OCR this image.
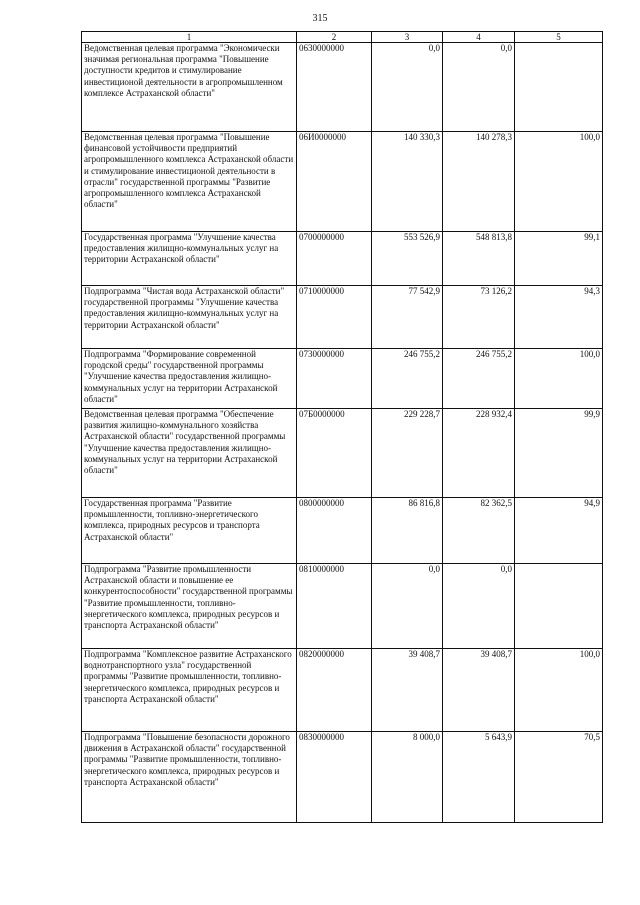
315
1	2	3	4	5
Ведомственная целевая программа "Экономически значимая региональная программа "Повышение доступности кредитов и стимулирование инвестиционой деятельности в агропромышленном комплексе Астраханской области"	0630000000	0,0	0,0	
Ведомственная целевая программа "Повышение финансовой устойчивости предприятий агропромышленного комплекса Астраханской области и стимулирование инвестиционой деятельности в отрасли" государственной программы "Развитие агропромышленного комплекса Астраханской области"	06И0000000	140 330,3	140 278,3	100,0
Государственная программа "Улучшение качества предоставления жилищно-коммунальных услуг на территории Астраханской области"	0700000000	553 526,9	548 813,8	99,1
Подпрограмма "Чистая вода Астраханской области" государственной программы "Улучшение качества предоставления жилищно-коммунальных услуг на территории Астраханской области"	0710000000	77 542,9	73 126,2	94,3
Подпрограмма "Формирование современной городской среды" государственной программы "Улучшение качества предоставления жилищно-коммунальных услуг на территории Астраханской области"	0730000000	246 755,2	246 755,2	100,0
Ведомственная целевая программа "Обеспечение развития жилищно-коммунального хозяйства Астраханской области" государственной программы "Улучшение качества предоставления жилищно-коммунальных услуг на территории Астраханской области"	07Б0000000	229 228,7	228 932,4	99,9
Государственная программа "Развитие промышленности, топливно-энергетического комплекса, природных ресурсов и транспорта Астраханской области"	0800000000	86 816,8	82 362,5	94,9
Подпрограмма "Развитие промышленности Астраханской области и повышение ее конкурентоспособности" государственной программы "Развитие промышленности, топливно-энергетического комплекса, природных ресурсов и транспорта Астраханской области"	0810000000	0,0	0,0	
Подпрограмма "Комплексное развитие Астраханского воднотранспортного узла" государственной программы "Развитие промышленности, топливно-энергетического комплекса, природных ресурсов и транспорта Астраханской области"	0820000000	39 408,7	39 408,7	100,0
Подпрограмма "Повышение безопасности дорожного движения в Астраханской области" государственной программы "Развитие промышленности, топливно-энергетического комплекса, природных ресурсов и транспорта Астраханской области"	0830000000	8 000,0	5 643,9	70,5
